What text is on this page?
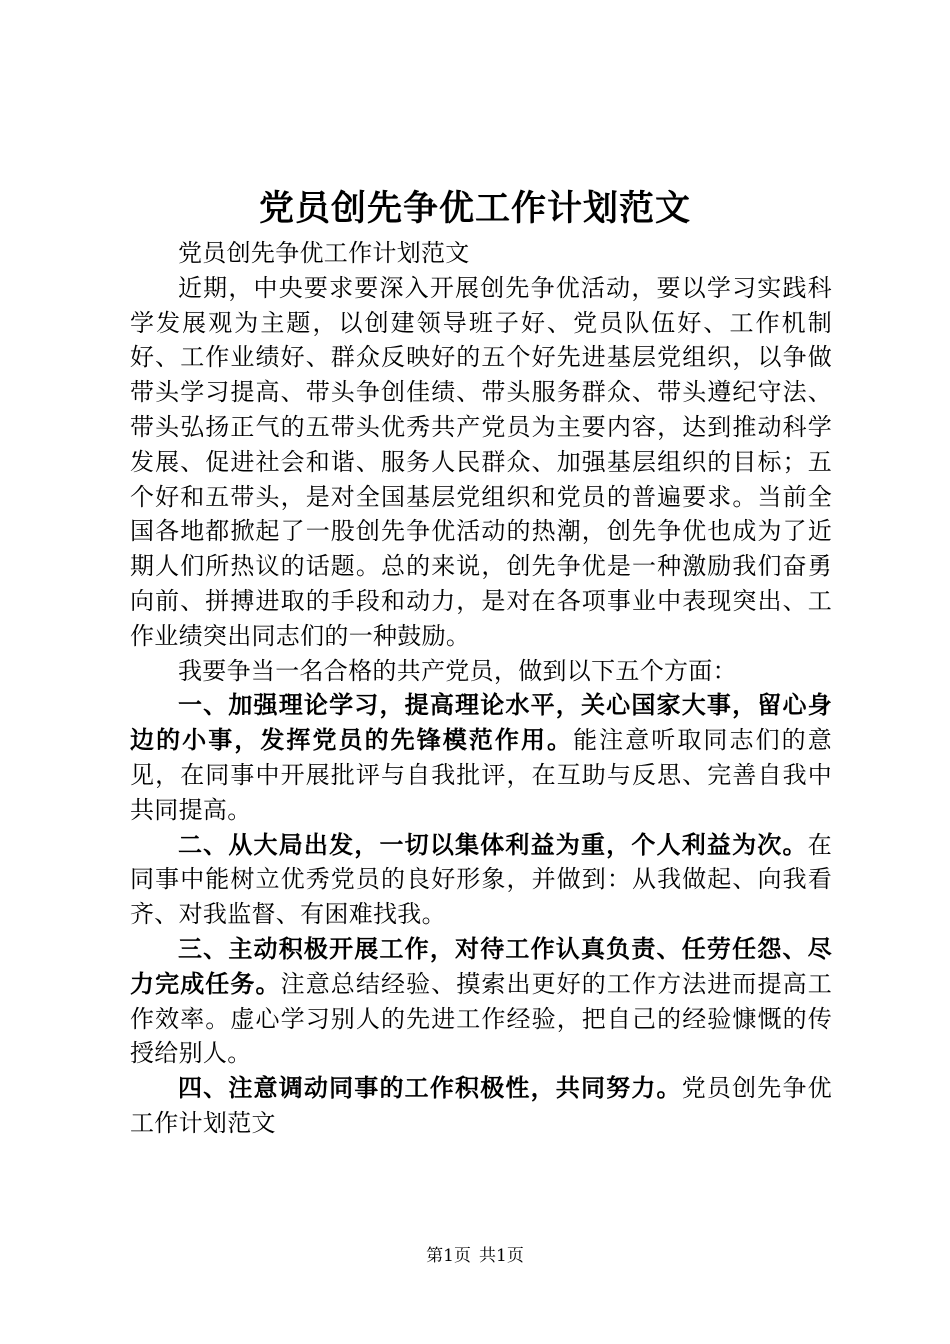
党员创先争优工作计划范文

党员创先争优工作计划范文

近期，中央要求要深入开展创先争优活动，要以学习实践科学发展观为主题，以创建领导班子好、党员队伍好、工作机制好、工作业绩好、群众反映好的五个好先进基层党组织，以争做带头学习提高、带头争创佳绩、带头服务群众、带头遵纪守法、带头弘扬正气的五带头优秀共产党员为主要内容，达到推动科学发展、促进社会和谐、服务人民群众、加强基层组织的目标；五个好和五带头，是对全国基层党组织和党员的普遍要求。当前全国各地都掀起了一股创先争优活动的热潮，创先争优也成为了近期人们所热议的话题。总的来说，创先争优是一种激励我们奋勇向前、拼搏进取的手段和动力，是对在各项事业中表现突出、工作业绩突出同志们的一种鼓励。

我要争当一名合格的共产党员，做到以下五个方面：

一、加强理论学习，提高理论水平，关心国家大事，留心身边的小事，发挥党员的先锋模范作用。能注意听取同志们的意见，在同事中开展批评与自我批评，在互助与反思、完善自我中共同提高。

二、从大局出发，一切以集体利益为重，个人利益为次。在同事中能树立优秀党员的良好形象，并做到：从我做起、向我看齐、对我监督、有困难找我。

三、主动积极开展工作，对待工作认真负责、任劳任怨、尽力完成任务。注意总结经验、摸索出更好的工作方法进而提高工作效率。虚心学习别人的先进工作经验，把自己的经验慷慨的传授给别人。

四、注意调动同事的工作积极性，共同努力。党员创先争优工作计划范文

第1页 共1页
